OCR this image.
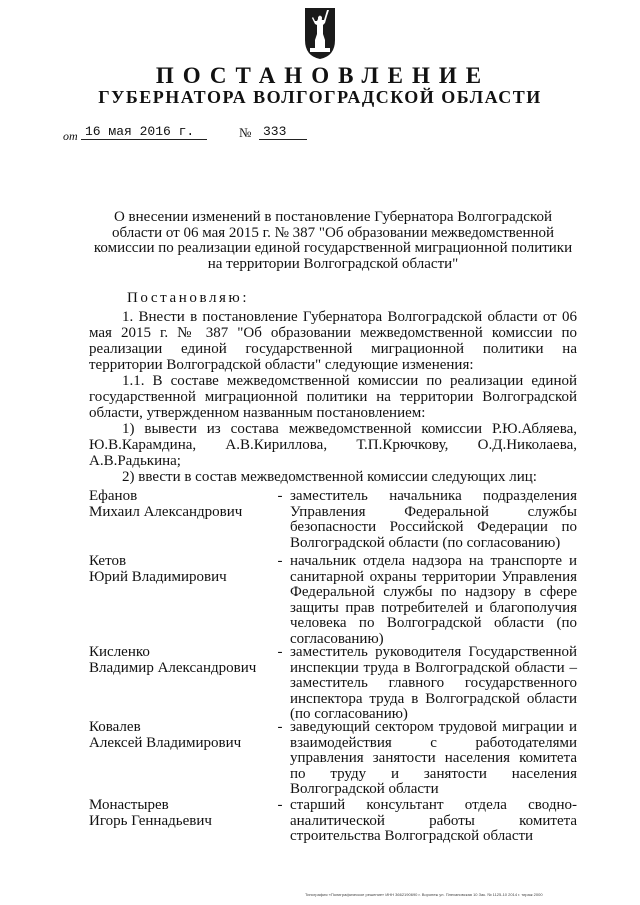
ПОСТАНОВЛЕНИЕ
ГУБЕРНАТОРА ВОЛГОГРАДСКОЙ ОБЛАСТИ
от 16 мая 2016 г.	№ 333
О внесении изменений в постановление Губернатора Волгоградской области от 06 мая 2015 г. № 387 "Об образовании межведомственной комиссии по реализации единой государственной миграционной политики на территории Волгоградской области"

Постановляю:

1. Внести в постановление Губернатора Волгоградской области от 06 мая 2015 г. № 387 "Об образовании межведомственной комиссии по реализации единой государственной миграционной политики на территории Волгоградской области" следующие изменения:

1.1. В составе межведомственной комиссии по реализации единой государственной миграционной политики на территории Волгоградской области, утвержденном названным постановлением:

1) вывести из состава межведомственной комиссии Р.Ю.Абляева, Ю.В.Карамдина, А.В.Кириллова, Т.П.Крючкову, О.Д.Николаева, А.В.Радькина;

2) ввести в состав межведомственной комиссии следующих лиц:

Ефанов
Михаил Александрович
- заместитель начальника подразделения Управления Федеральной службы безопасности Российской Федерации по Волгоградской области (по согласованию)
Кетов
Юрий Владимирович
- начальник отдела надзора на транспорте и санитарной охраны территории Управления Федеральной службы по надзору в сфере защиты прав потребителей и благополучия человека по Волгоградской области (по согласованию)
Кисленко
Владимир Александрович
- заместитель руководителя Государственной инспекции труда в Волгоградской области – заместитель главного государственного инспектора труда в Волгоградской области (по согласованию)
Ковалев
Алексей Владимирович
- заведующий сектором трудовой миграции и взаимодействия с работодателями управления занятости населения комитета по труду и занятости населения Волгоградской области
Монастырев
Игорь Геннадьевич
- старший консультант отдела сводно-аналитической работы комитета строительства Волгоградской области
Типография «Полиграфическое решение» ИНН 3662190690 г. Воронеж ул. Плехановская 10 Зак. № 1125-10 2014 г. тираж 2000
